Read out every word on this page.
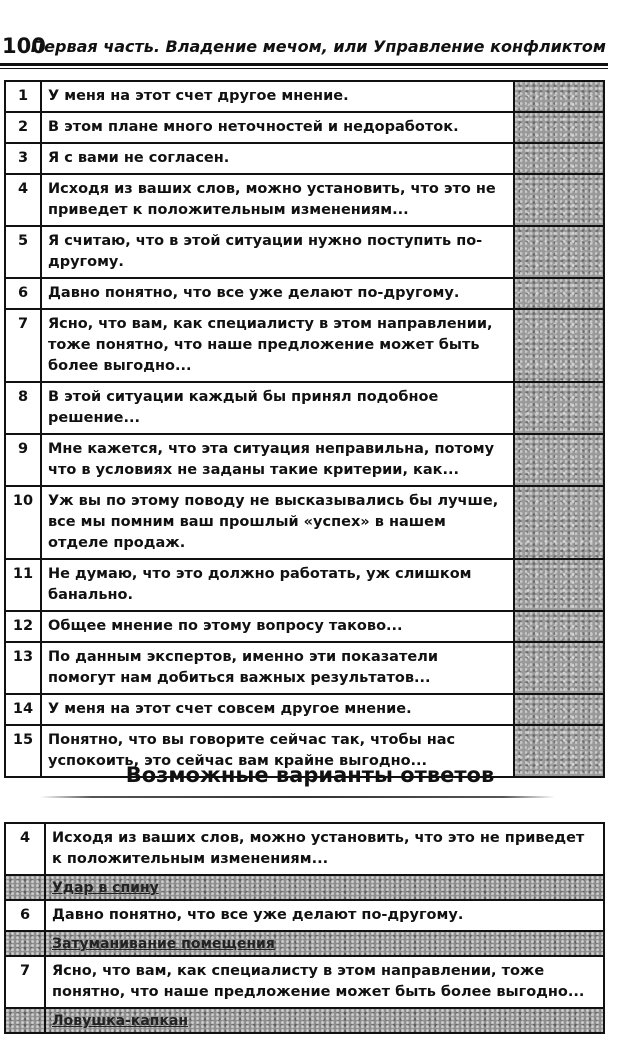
100
Первая часть. Владение мечом, или Управление конфликтом
1	У меня на этот счет другое мнение.	
2	В этом плане много неточностей и недоработок.	
3	Я с вами не согласен.	
4	Исходя из ваших слов, можно установить, что это не приведет к положительным изменениям...	
5	Я считаю, что в этой ситуации нужно поступить по-другому.	
6	Давно понятно, что все уже делают по-другому.	
7	Ясно, что вам, как специалисту в этом направлении, тоже понятно, что наше предложение может быть более выгодно...	
8	В этой ситуации каждый бы принял подобное решение...	
9	Мне кажется, что эта ситуация неправильна, потому что в условиях не заданы такие критерии, как...	
10	Уж вы по этому поводу не высказывались бы лучше, все мы помним ваш прошлый «успех» в нашем отделе продаж.	
11	Не думаю, что это должно работать, уж слишком банально.	
12	Общее мнение по этому вопросу таково...	
13	По данным экспертов, именно эти показатели помогут нам добиться важных результатов...	
14	У меня на этот счет совсем другое мнение.	
15	Понятно, что вы говорите сейчас так, чтобы нас успокоить, это сейчас вам крайне выгодно...	
Возможные варианты ответов
4	Исходя из ваших слов, можно установить, что это не приведет к положительным изменениям...
	Удар в спину
6	Давно понятно, что все уже делают по-другому.
	Затуманивание помещения
7	Ясно, что вам, как специалисту в этом направлении, тоже понятно, что наше предложение может быть более выгодно...
	Ловушка-капкан
